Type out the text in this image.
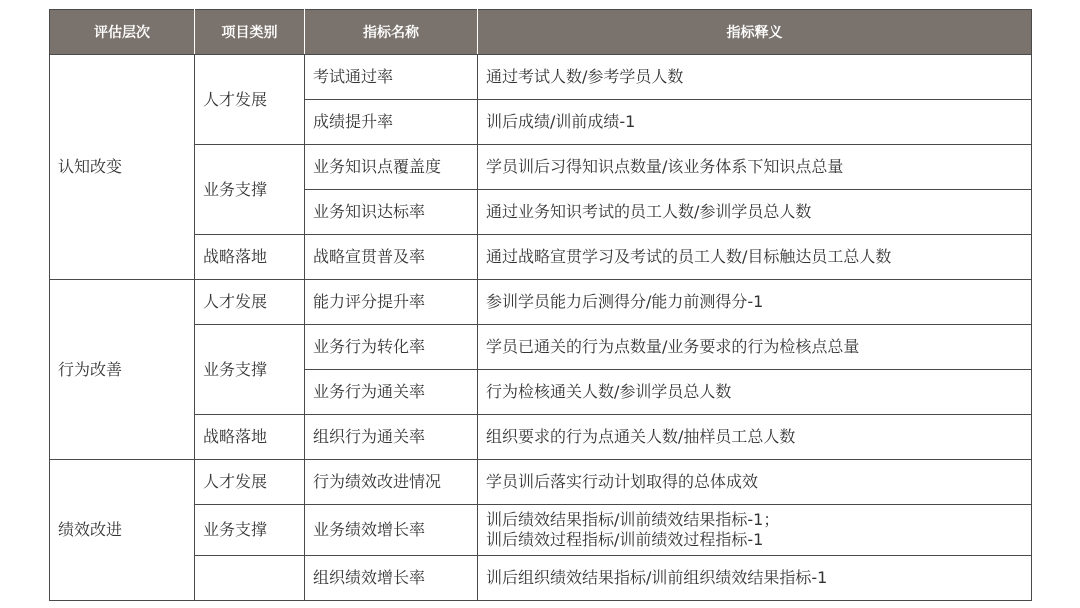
评估层次	项目类别	指标名称	指标释义
认知改变	人才发展	考试通过率	通过考试人数/参考学员人数
		成绩提升率	训后成绩/训前成绩-1
	业务支撑	业务知识点覆盖度	学员训后习得知识点数量/该业务体系下知识点总量
		业务知识达标率	通过业务知识考试的员工人数/参训学员总人数
	战略落地	战略宣贯普及率	通过战略宣贯学习及考试的员工人数/目标触达员工总人数
行为改善	人才发展	能力评分提升率	参训学员能力后测得分/能力前测得分-1
	业务支撑	业务行为转化率	学员已通关的行为点数量/业务要求的行为检核点总量
		业务行为通关率	行为检核通关人数/参训学员总人数
	战略落地	组织行为通关率	组织要求的行为点通关人数/抽样员工总人数
绩效改进	人才发展	行为绩效改进情况	学员训后落实行动计划取得的总体成效
	业务支撑	业务绩效增长率	训后绩效结果指标/训前绩效结果指标-1；
训后绩效过程指标/训前绩效过程指标-1

		组织绩效增长率	训后组织绩效结果指标/训前组织绩效结果指标-1
